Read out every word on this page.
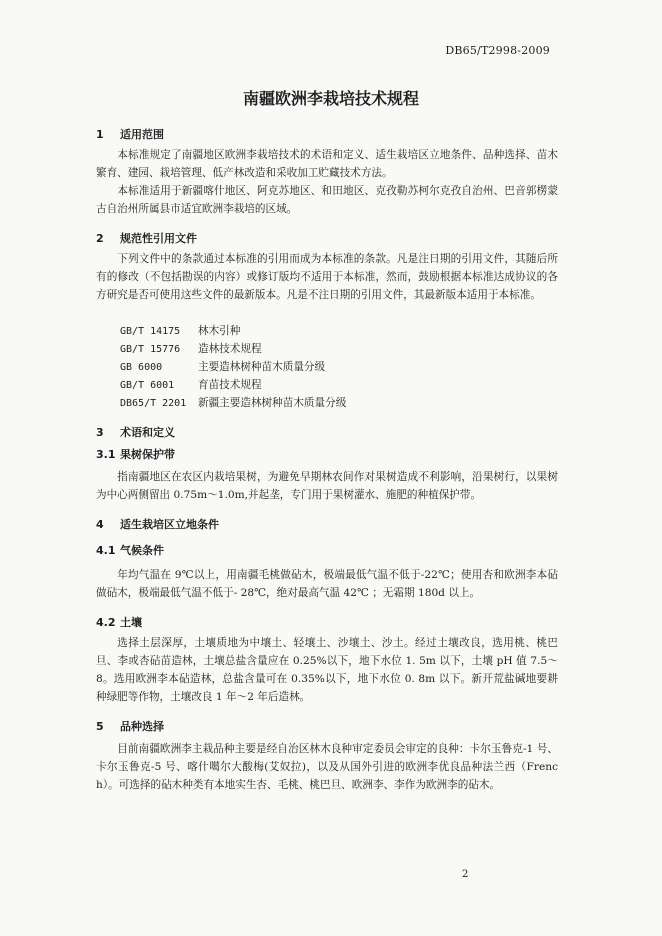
DB65/T2998-2009
南疆欧洲李栽培技术规程
1 适用范围
本标准规定了南疆地区欧洲李栽培技术的术语和定义、适生栽培区立地条件、品种选择、苗木繁育、建园、栽培管理、低产林改造和采收加工贮藏技术方法。
本标准适用于新疆喀什地区、阿克苏地区、和田地区、克孜勒苏柯尔克孜自治州、巴音郭楞蒙古自治州所属县市适宜欧洲李栽培的区域。
2 规范性引用文件
下列文件中的条款通过本标准的引用而成为本标准的条款。凡是注日期的引用文件，其随后所有的修改（不包括勘误的内容）或修订版均不适用于本标准，然而，鼓励根据本标准达成协议的各方研究是否可使用这些文件的最新版本。凡是不注日期的引用文件，其最新版本适用于本标准。
GB/T 14175 林木引种
GB/T 15776 造林技术规程
GB 6000	主要造林树种苗木质量分级
GB/T 6001 育苗技术规程
DB65/T 2201 新疆主要造林树种苗木质量分级
3 术语和定义
3.1 果树保护带
指南疆地区在农区内栽培果树，为避免早期林农间作对果树造成不利影响，沿果树行，以果树为中心两侧留出 0.75m～1.0m,并起垄，专门用于果树灌水、施肥的种植保护带。
4 适生栽培区立地条件
4.1 气候条件
年均气温在 9℃以上，用南疆毛桃做砧木，极端最低气温不低于-22℃；使用杏和欧洲李本砧做砧木，极端最低气温不低于- 28℃，绝对最高气温 42℃ ；无霜期 180d 以上。
4.2 土壤
选择土层深厚，土壤质地为中壤土、轻壤土、沙壤土、沙土。经过土壤改良，选用桃、桃巴旦、李或杏砧苗造林，土壤总盐含量应在 0.25%以下，地下水位 1. 5m 以下，土壤 pH 值 7.5～8。选用欧洲李本砧造林，总盐含量可在 0.35%以下，地下水位 0. 8m 以下。新开荒盐碱地要耕种绿肥等作物，土壤改良 1 年～2 年后造林。
5 品种选择
目前南疆欧洲李主栽品种主要是经自治区林木良种审定委员会审定的良种：卡尔玉鲁克-1 号、卡尔玉鲁克-5 号、喀什噶尔大酸梅(艾奴拉)，以及从国外引进的欧洲李优良品种法兰西（French）。可选择的砧木种类有本地实生杏、毛桃、桃巴旦、欧洲李、李作为欧洲李的砧木。
2
